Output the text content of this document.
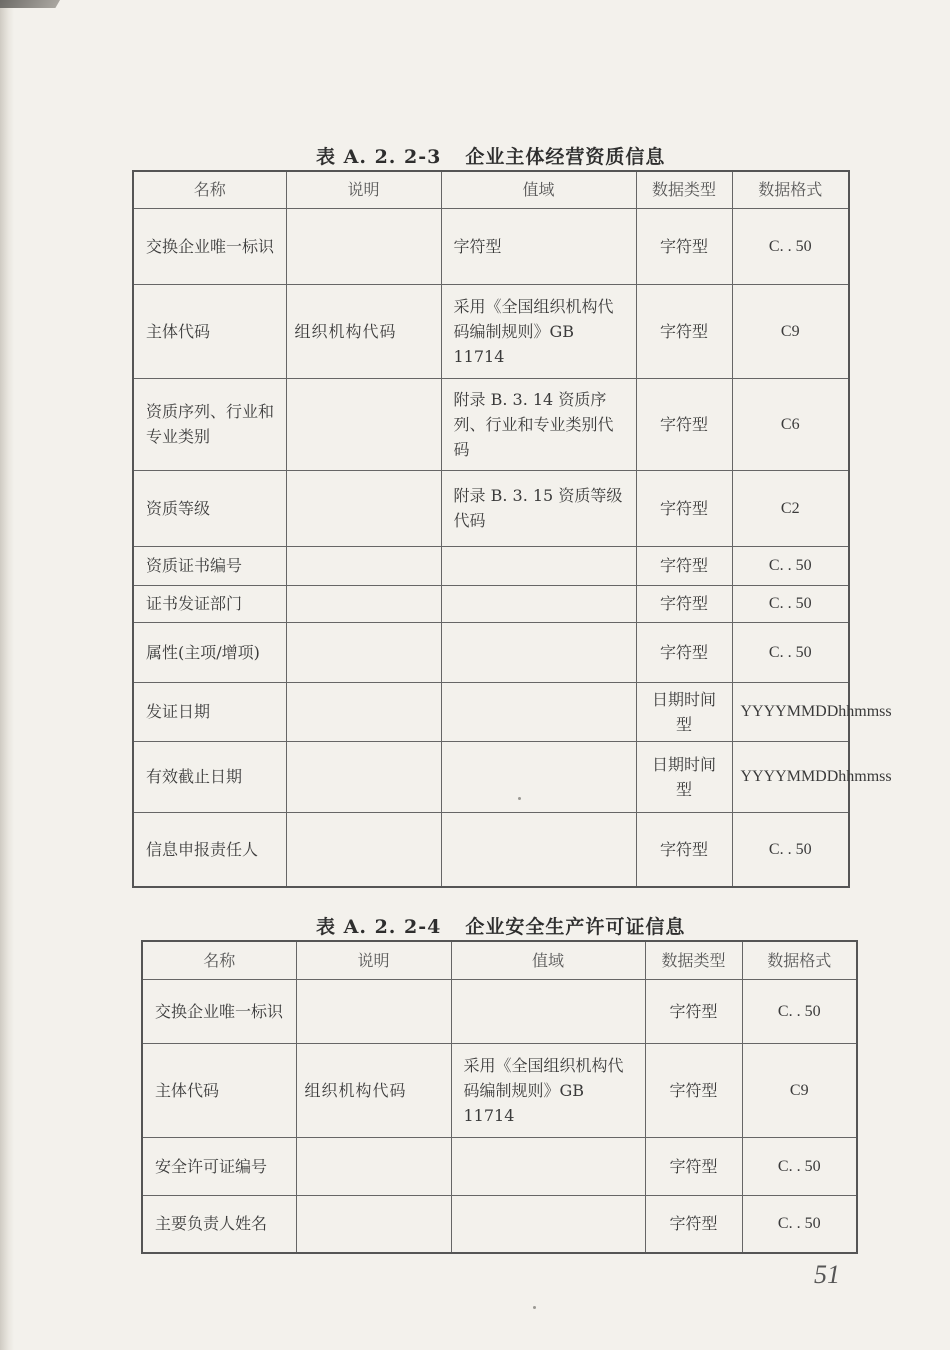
表 A. 2. 2-3 企业主体经营资质信息
名称	说明	值域	数据类型	数据格式
交换企业唯一标识		字符型	字符型	C. . 50
主体代码	组织机构代码	采用《全国组织机构代码编制规则》GB 11714	字符型	C9
资质序列、行业和专业类别		附录 B. 3. 14 资质序列、行业和专业类别代码	字符型	C6
资质等级		附录 B. 3. 15 资质等级代码	字符型	C2
资质证书编号			字符型	C. . 50
证书发证部门			字符型	C. . 50
属性(主项/增项)			字符型	C. . 50
发证日期			日期时间型	YYYYMMDDhhmmss
有效截止日期			日期时间型	YYYYMMDDhhmmss
信息申报责任人			字符型	C. . 50
表 A. 2. 2-4 企业安全生产许可证信息
名称	说明	值域	数据类型	数据格式
交换企业唯一标识			字符型	C. . 50
主体代码	组织机构代码	采用《全国组织机构代码编制规则》GB 11714	字符型	C9
安全许可证编号			字符型	C. . 50
主要负责人姓名			字符型	C. . 50
51
